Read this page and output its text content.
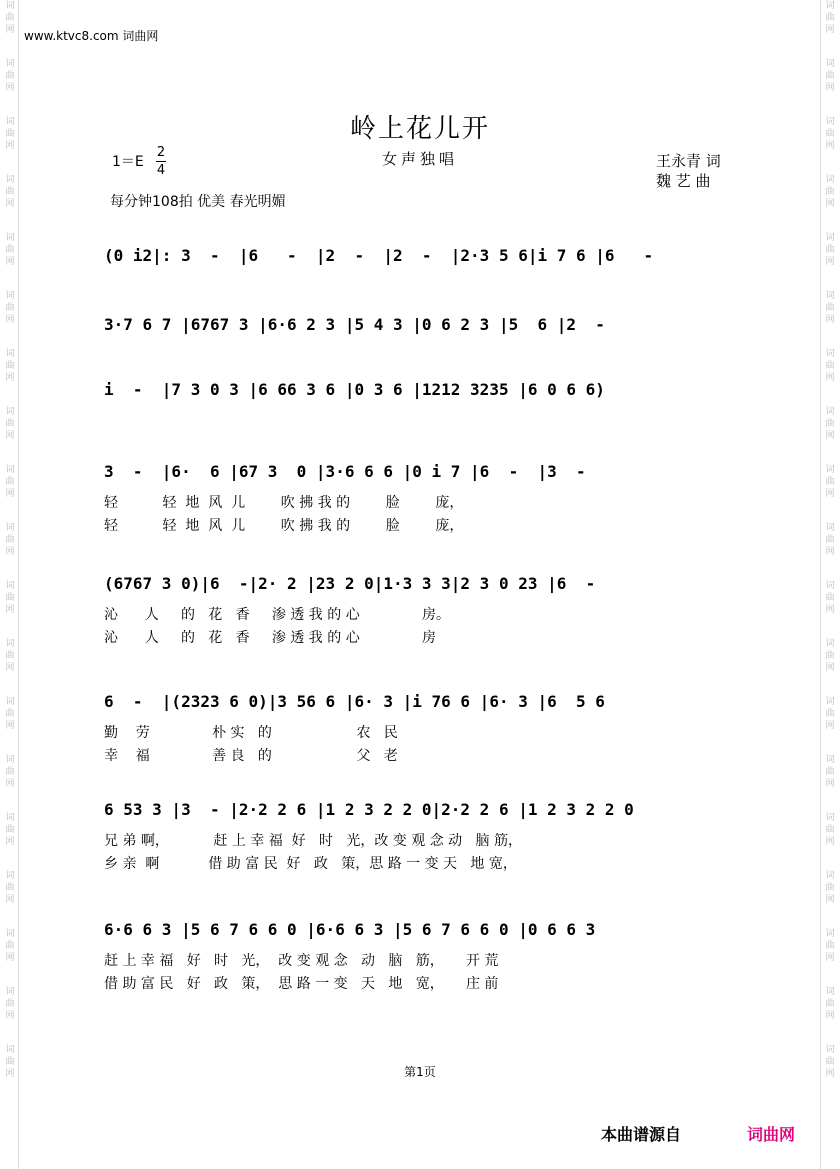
词曲网
词曲网
词曲网
词曲网
词曲网
词曲网
词曲网
词曲网
词曲网
词曲网
词曲网
词曲网
词曲网
词曲网
词曲网
词曲网
词曲网
词曲网
词曲网
词曲网
词曲网
词曲网
词曲网
词曲网
词曲网
词曲网
词曲网
词曲网
词曲网
词曲网
词曲网
词曲网
词曲网
词曲网
词曲网
词曲网
词曲网
词曲网
www.ktvc8.com 词曲网
岭上花儿开
1＝E
2
4
女声独唱	王永青 词
魏 艺 曲
每分钟108拍 优美 春光明媚
(0 i2|: 3  -  |6   -  |2  -  |2  -  |2·3 5 6|i 7 6 |6   -
3·7 6 7 |6767 3 |6·6 2 3 |5 4 3 |0 6 2 3 |5  6 |2  -
i  -  |7 3 0 3 |6 66 3 6 |0 3 6 |1212 3235 |6 0 6 6)
3  -  |6·  6 |67 3  0 |3·6 6 6 |0 i 7 |6  -  |3  -
轻          轻  地  风  儿        吹 拂 我 的        脸        庞，
轻          轻  地  风  儿        吹 拂 我 的        脸        庞，
(6767 3 0)|6  -|2· 2 |23 2 0|1·3 3 3|2 3 0 23 |6  -
沁      人     的   花   香     渗 透 我 的 心              房。
沁      人     的   花   香     渗 透 我 的 心              房
6  -  |(2323 6 0)|3 56 6 |6· 3 |i 76 6 |6· 3 |6  5 6
勤    劳              朴 实   的                   农   民
幸    福              善 良   的                   父   老
6 53 3 |3  - |2·2 2 6 |1 2 3 2 2 0|2·2 2 6 |1 2 3 2 2 0
兄 弟 啊，          赶 上 幸 福  好   时   光，改 变 观 念 动   脑 筋，
乡 亲  啊           借 助 富 民  好   政   策，思 路 一 变 天   地 宽，
6·6 6 3 |5 6 7 6 6 0 |6·6 6 3 |5 6 7 6 6 0 |0 6 6 3
赶 上 幸 福   好   时   光，  改 变 观 念   动   脑   筋，     开 荒
借 助 富 民   好   政   策，  思 路 一 变   天   地   宽，     庄 前
第1页
本曲谱源自	词曲网
